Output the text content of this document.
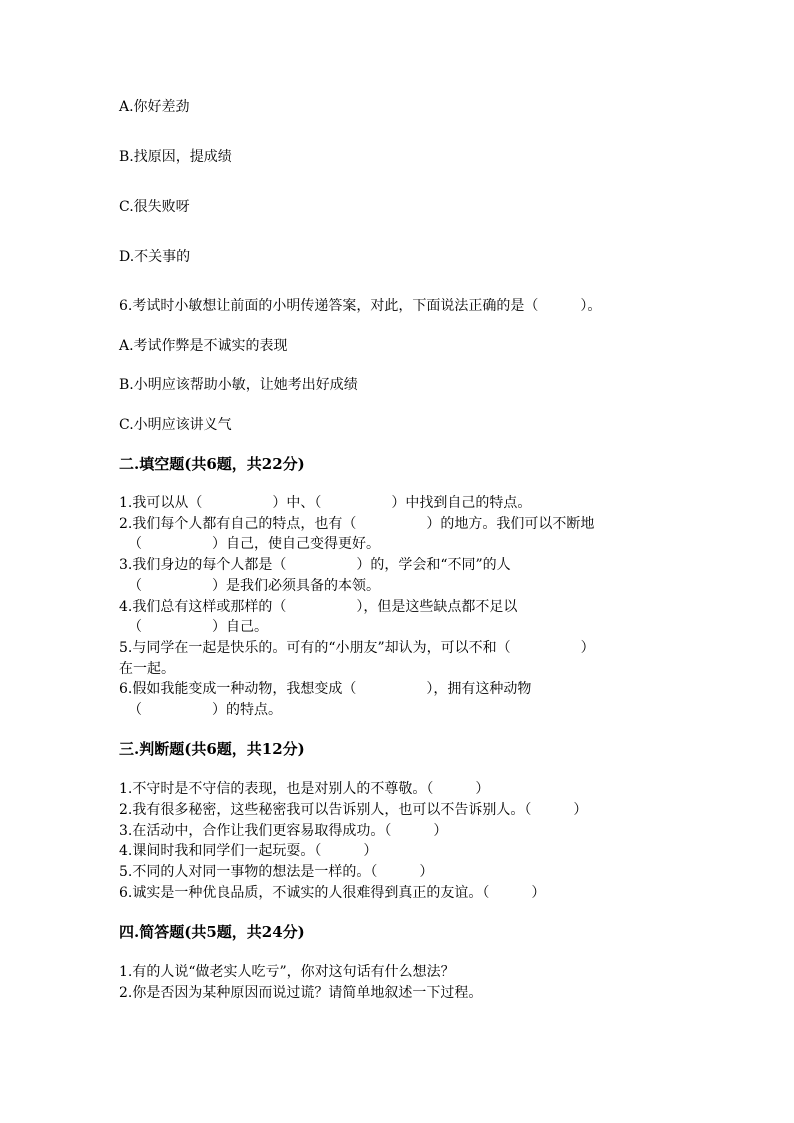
A.你好差劲
B.找原因，提成绩
C.很失败呀
D.不关事的
6.考试时小敏想让前面的小明传递答案，对此，下面说法正确的是（　　　）。
A.考试作弊是不诚实的表现
B.小明应该帮助小敏，让她考出好成绩
C.小明应该讲义气
二.填空题(共6题，共22分)
1.我可以从（　　　　　）中、（　　　　　）中找到自己的特点。
2.我们每个人都有自己的特点，也有（　　　　　）的地方。我们可以不断地
（　　　　　）自己，使自己变得更好。
3.我们身边的每个人都是（　　　　　）的，学会和“不同”的人
（　　　　　）是我们必须具备的本领。
4.我们总有这样或那样的（　　　　　），但是这些缺点都不足以
（　　　　　）自己。
5.与同学在一起是快乐的。可有的“小朋友”却认为，可以不和（　　　　　）
在一起。
6.假如我能变成一种动物，我想变成（　　　　　），拥有这种动物
（　　　　　）的特点。
三.判断题(共6题，共12分)
1.不守时是不守信的表现，也是对别人的不尊敬。（　　　）
2.我有很多秘密，这些秘密我可以告诉别人，也可以不告诉别人。（　　　）
3.在活动中，合作让我们更容易取得成功。（　　　）
4.课间时我和同学们一起玩耍。（　　　）
5.不同的人对同一事物的想法是一样的。（　　　）
6.诚实是一种优良品质，不诚实的人很难得到真正的友谊。（　　　）
四.简答题(共5题，共24分)
1.有的人说“做老实人吃亏”，你对这句话有什么想法？
2.你是否因为某种原因而说过谎？请简单地叙述一下过程。
